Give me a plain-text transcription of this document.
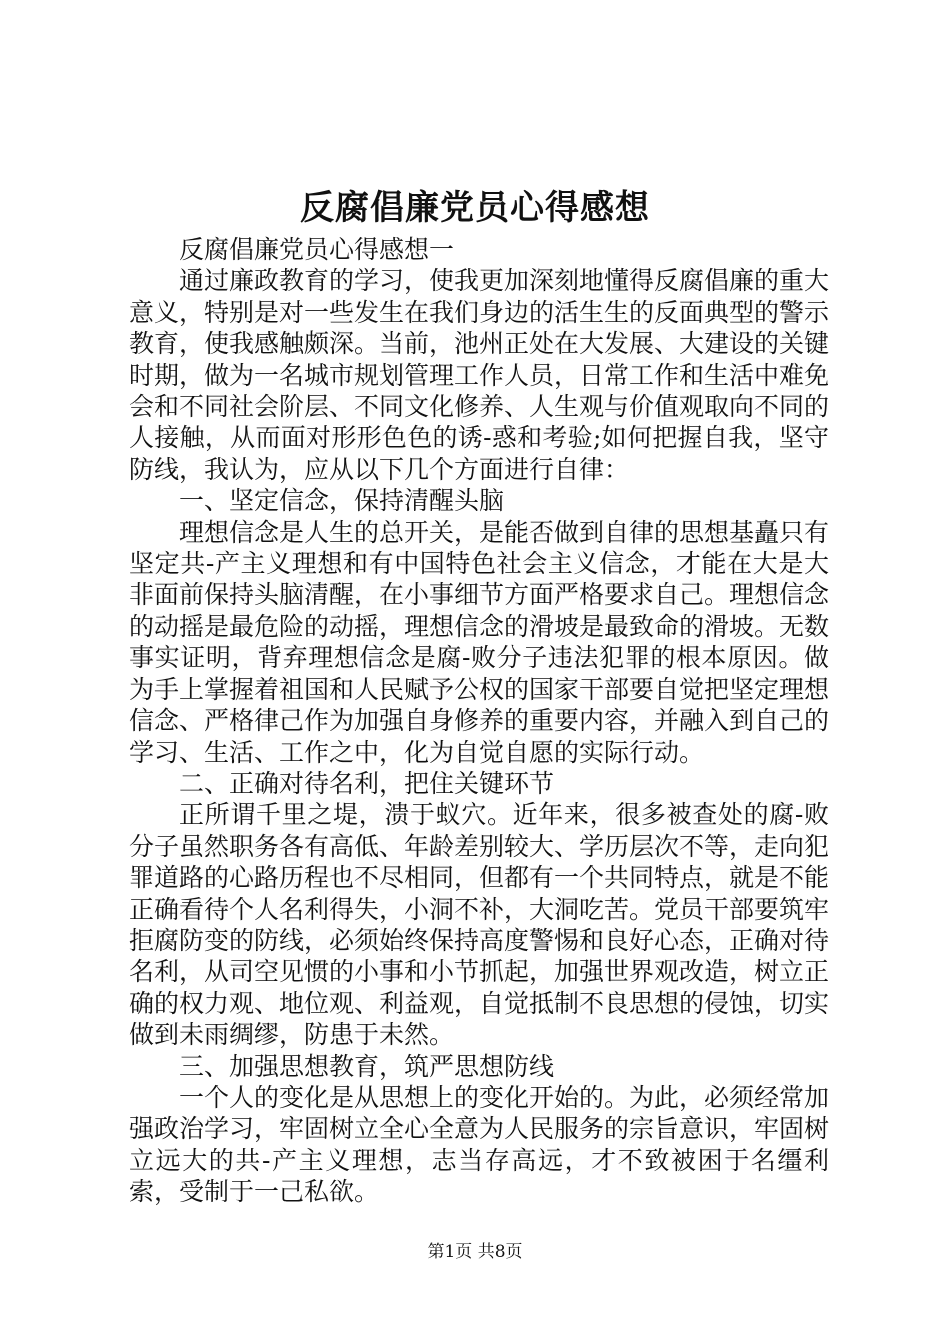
反腐倡廉党员心得感想

反腐倡廉党员心得感想一

通过廉政教育的学习，使我更加深刻地懂得反腐倡廉的重大意义，特别是对一些发生在我们身边的活生生的反面典型的警示教育，使我感触颇深。当前，池州正处在大发展、大建设的关键时期，做为一名城市规划管理工作人员，日常工作和生活中难免会和不同社会阶层、不同文化修养、人生观与价值观取向不同的人接触，从而面对形形色色的诱-惑和考验;如何把握自我，坚守防线，我认为，应从以下几个方面进行自律：

一、坚定信念，保持清醒头脑

理想信念是人生的总开关，是能否做到自律的思想基矗只有坚定共-产主义理想和有中国特色社会主义信念，才能在大是大非面前保持头脑清醒，在小事细节方面严格要求自己。理想信念的动摇是最危险的动摇，理想信念的滑坡是最致命的滑坡。无数事实证明，背弃理想信念是腐-败分子违法犯罪的根本原因。做为手上掌握着祖国和人民赋予公权的国家干部要自觉把坚定理想信念、严格律己作为加强自身修养的重要内容，并融入到自己的学习、生活、工作之中，化为自觉自愿的实际行动。

二、正确对待名利，把住关键环节

正所谓千里之堤，溃于蚁穴。近年来，很多被查处的腐-败分子虽然职务各有高低、年龄差别较大、学历层次不等，走向犯罪道路的心路历程也不尽相同，但都有一个共同特点，就是不能正确看待个人名利得失，小洞不补，大洞吃苦。党员干部要筑牢拒腐防变的防线，必须始终保持高度警惕和良好心态，正确对待名利，从司空见惯的小事和小节抓起，加强世界观改造，树立正确的权力观、地位观、利益观，自觉抵制不良思想的侵蚀，切实做到未雨绸缪，防患于未然。

三、加强思想教育，筑严思想防线

一个人的变化是从思想上的变化开始的。为此，必须经常加强政治学习，牢固树立全心全意为人民服务的宗旨意识，牢固树立远大的共-产主义理想，志当存高远，才不致被困于名缰利索，受制于一己私欲。

第1页 共8页
